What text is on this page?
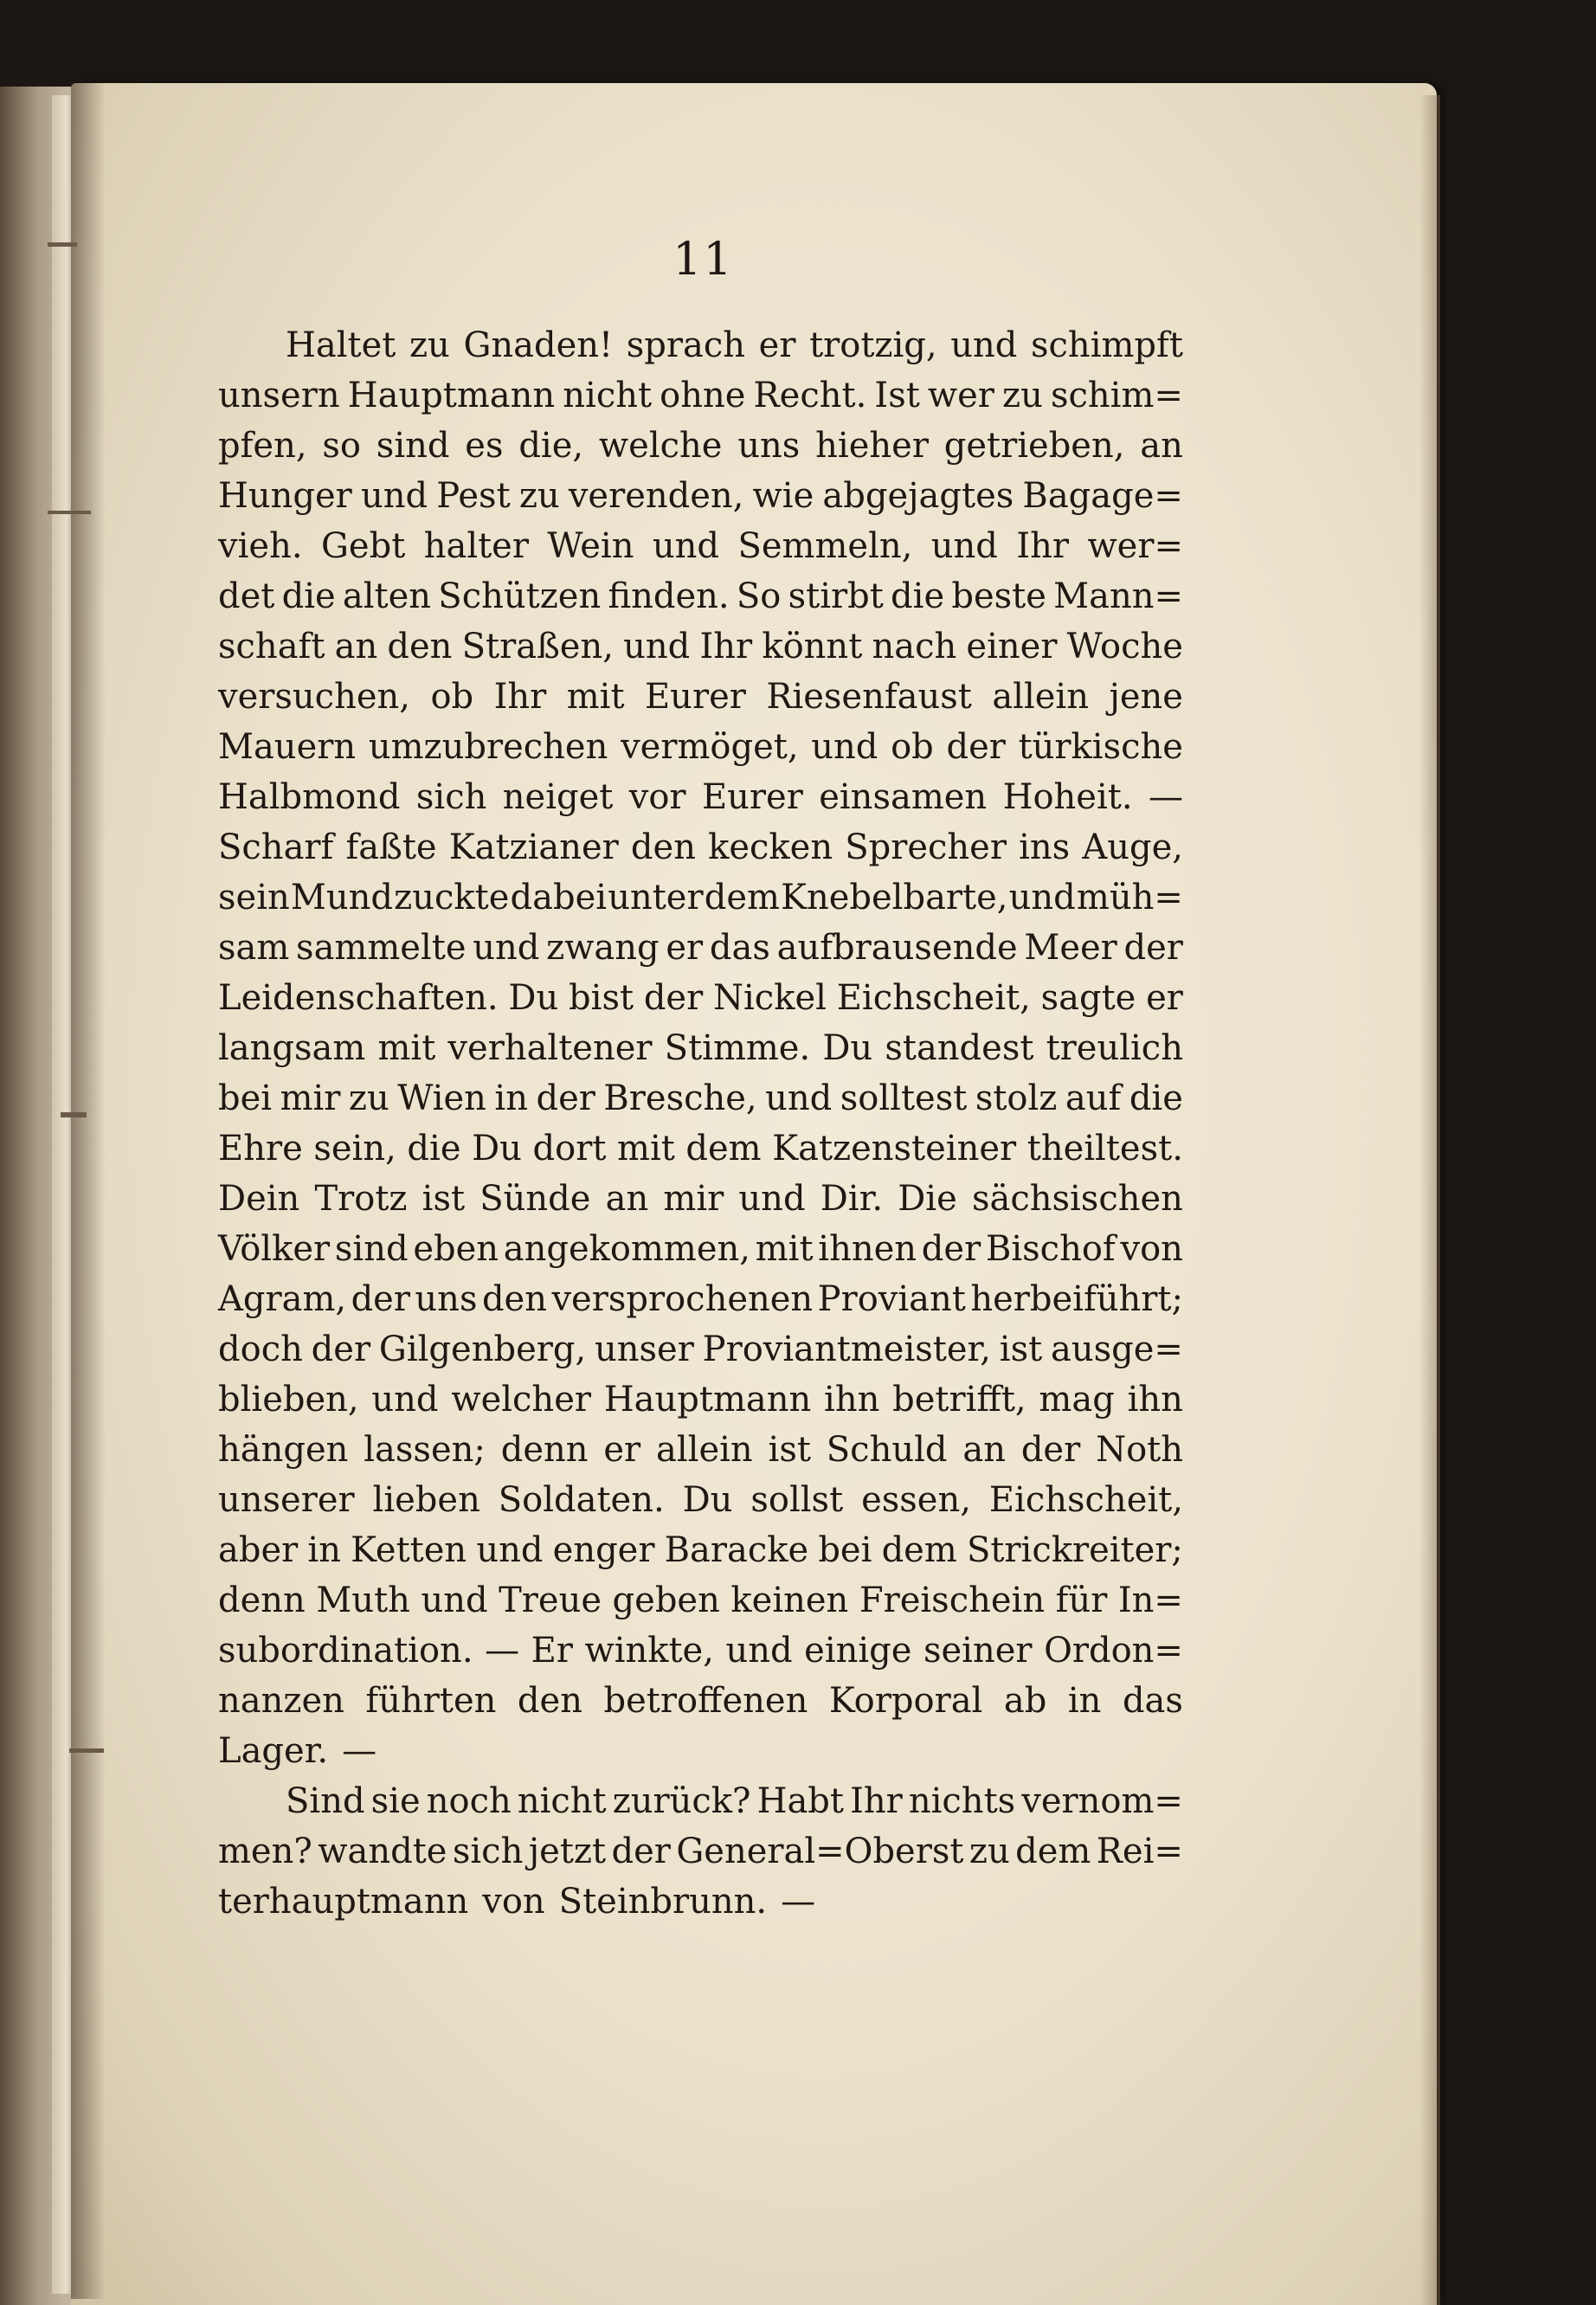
11
Haltet zu Gnaden! sprach er trotzig, und schimpft
unsern Hauptmann nicht ohne Recht. Ist wer zu schim=
pfen, so sind es die, welche uns hieher getrieben, an
Hunger und Pest zu verenden, wie abgejagtes Bagage=
vieh. Gebt halter Wein und Semmeln, und Ihr wer=
det die alten Schützen finden. So stirbt die beste Mann=
schaft an den Straßen, und Ihr könnt nach einer Woche
versuchen, ob Ihr mit Eurer Riesenfaust allein jene
Mauern umzubrechen vermöget, und ob der türkische
Halbmond sich neiget vor Eurer einsamen Hoheit. —
Scharf faßte Katzianer den kecken Sprecher ins Auge,
sein Mund zuckte dabei unter dem Knebelbarte, und müh=
sam sammelte und zwang er das aufbrausende Meer der
Leidenschaften. Du bist der Nickel Eichscheit, sagte er
langsam mit verhaltener Stimme. Du standest treulich
bei mir zu Wien in der Bresche, und solltest stolz auf die
Ehre sein, die Du dort mit dem Katzensteiner theiltest.
Dein Trotz ist Sünde an mir und Dir. Die sächsischen
Völker sind eben angekommen, mit ihnen der Bischof von
Agram, der uns den versprochenen Proviant herbeiführt;
doch der Gilgenberg, unser Proviantmeister, ist ausge=
blieben, und welcher Hauptmann ihn betrifft, mag ihn
hängen lassen; denn er allein ist Schuld an der Noth
unserer lieben Soldaten. Du sollst essen, Eichscheit,
aber in Ketten und enger Baracke bei dem Strickreiter;
denn Muth und Treue geben keinen Freischein für In=
subordination. — Er winkte, und einige seiner Ordon=
nanzen führten den betroffenen Korporal ab in das
Lager. —
Sind sie noch nicht zurück? Habt Ihr nichts vernom=
men? wandte sich jetzt der General=Oberst zu dem Rei=
terhauptmann von Steinbrunn. —
